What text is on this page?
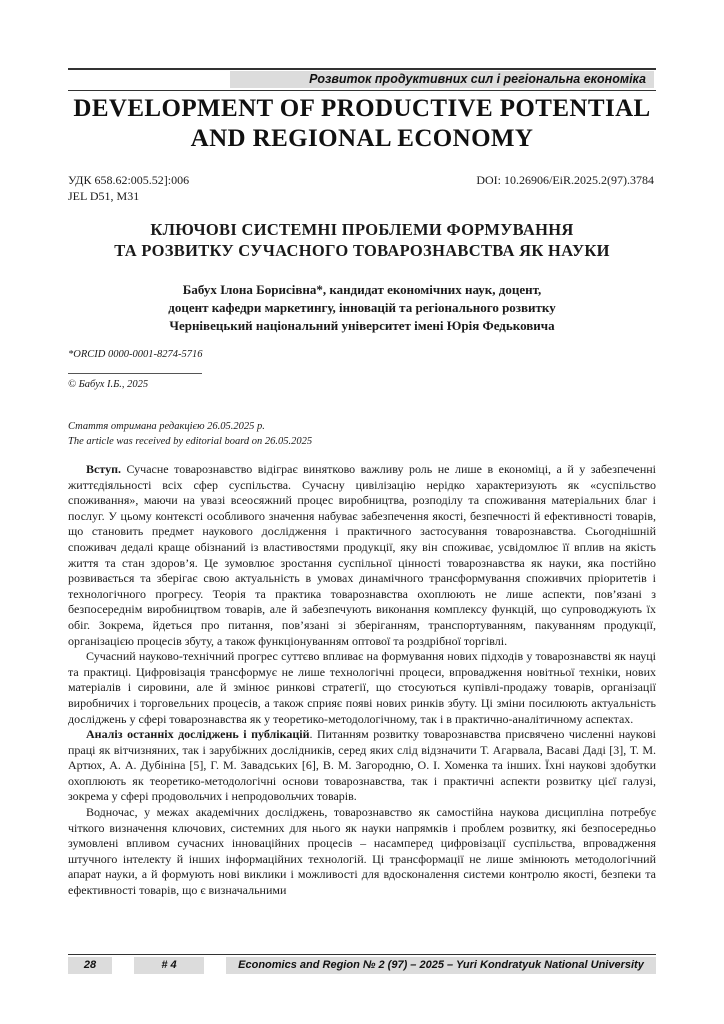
Розвиток продуктивних сил і регіональна економіка
DEVELOPMENT OF PRODUCTIVE POTENTIAL
AND REGIONAL ECONOMY
УДК 658.62:005.52]:006
JEL D51, M31
DOI: 10.26906/EiR.2025.2(97).3784
КЛЮЧОВІ СИСТЕМНІ ПРОБЛЕМИ ФОРМУВАННЯ
ТА РОЗВИТКУ СУЧАСНОГО ТОВАРОЗНАВСТВА ЯК НАУКИ
Бабух Ілона Борисівна*, кандидат економічних наук, доцент,
доцент кафедри маркетингу, інновацій та регіонального розвитку
Чернівецький національний університет імені Юрія Федьковича
*ORCID 0000-0001-8274-5716
© Бабух І.Б., 2025
Стаття отримана редакцією 26.05.2025 р.
The article was received by editorial board on 26.05.2025

Вступ. Сучасне товарознавство відіграє винятково важливу роль не лише в економіці, а й у забезпеченні життєдіяльності всіх сфер суспільства. Сучасну цивілізацію нерідко характеризують як «суспільство споживання», маючи на увазі всеосяжний процес виробництва, розподілу та споживання матеріальних благ і послуг. У цьому контексті особливого значення набуває забезпечення якості, безпечності й ефективності товарів, що становить предмет наукового дослідження і практичного застосування товарознавства. Сьогоднішній споживач дедалі краще обізнаний із властивостями продукції, яку він споживає, усвідомлює її вплив на якість життя та стан здоров’я. Це зумовлює зростання суспільної цінності товарознавства як науки, яка постійно розвивається та зберігає свою актуальність в умовах динамічного трансформування споживчих пріоритетів і технологічного прогресу. Теорія та практика товарознавства охоплюють не лише аспекти, пов’язані з безпосереднім виробництвом товарів, але й забезпечують виконання комплексу функцій, що супроводжують їх обіг. Зокрема, йдеться про питання, пов’язані зі зберіганням, транспортуванням, пакуванням продукції, організацією процесів збуту, а також функціонуванням оптової та роздрібної торгівлі.

Сучасний науково-технічний прогрес суттєво впливає на формування нових підходів у товарознавстві як науці та практиці. Цифровізація трансформує не лише технологічні процеси, впровадження новітньої техніки, нових матеріалів і сировини, але й змінює ринкові стратегії, що стосуються купівлі-продажу товарів, організації виробничих і торговельних процесів, а також сприяє появі нових ринків збуту. Ці зміни посилюють актуальність досліджень у сфері товарознавства як у теоретико-методологічному, так і в практично-аналітичному аспектах.

Аналіз останніх досліджень і публікацій. Питанням розвитку товарознавства присвячено численні наукові праці як вітчизняних, так і зарубіжних дослідників, серед яких слід відзначити Т. Агарвала, Васаві Даді [3], Т. М. Артюх, А. А. Дубініна [5], Г. М. Завадських [6], В. М. Загородню, О. І. Хоменка та інших. Їхні наукові здобутки охоплюють як теоретико-методологічні основи товарознавства, так і практичні аспекти розвитку цієї галузі, зокрема у сфері продовольчих і непродовольчих товарів.

Водночас, у межах академічних досліджень, товарознавство як самостійна наукова дисципліна потребує чіткого визначення ключових, системних для нього як науки напрямків і проблем розвитку, які безпосередньо зумовлені впливом сучасних інноваційних процесів – насамперед цифровізації суспільства, впровадження штучного інтелекту й інших інформаційних технологій. Ці трансформації не лише змінюють методологічний апарат науки, а й формують нові виклики і можливості для вдосконалення системи контролю якості, безпеки та ефективності товарів, що є визначальними

28	# 4	Economics and Region № 2 (97) – 2025 – Yuri Kondratyuk National University
